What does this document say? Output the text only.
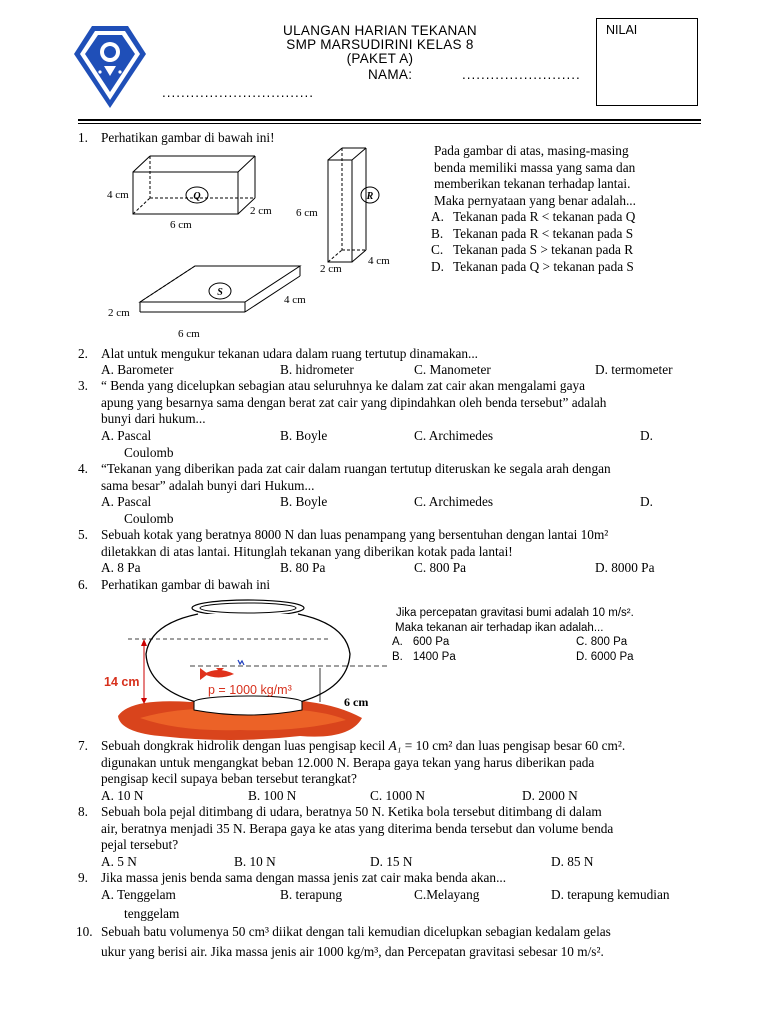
ULANGAN HARIAN TEKANAN
SMP MARSUDIRINI KELAS 8
(PAKET A)
NAMA:	.........................
................................
NILAI
1. Perhatikan gambar di bawah ini!
Q	R
S
4 cm
6 cm
2 cm 6 cm
2 cm
4 cm
2 cm
4 cm
6 cm
Pada gambar di atas, masing-masing
benda memiliki massa yang sama dan
memberikan tekanan terhadap lantai.
Maka pernyataan yang benar adalah...
A. Tekanan pada R < tekanan pada Q
B. Tekanan pada R < tekanan pada S
C. Tekanan pada S > tekanan pada R
D. Tekanan pada Q > tekanan pada S
2. Alat untuk mengukur tekanan udara dalam ruang tertutup dinamakan...
A. Barometer	B. hidrometer	C. Manometer	D. termometer
3. “ Benda yang dicelupkan sebagian atau seluruhnya ke dalam zat cair akan mengalami gaya
apung yang besarnya sama dengan berat zat cair yang dipindahkan oleh benda tersebut” adalah
bunyi dari hukum...
A. Pascal	B. Boyle	C. Archimedes	D.
Coulomb
4. “Tekanan yang diberikan pada zat cair dalam ruangan tertutup diteruskan ke segala arah dengan
sama besar” adalah bunyi dari Hukum...
A. Pascal	B. Boyle	C. Archimedes	D.
Coulomb
5. Sebuah kotak yang beratnya 8000 N dan luas penampang yang bersentuhan dengan lantai 10m²
diletakkan di atas lantai. Hitunglah tekanan yang diberikan kotak pada lantai!
A. 8 Pa	B. 80 Pa	C. 800 Pa	D. 8000 Pa
6. Perhatikan gambar di bawah ini
14 cm
p = 1000 kg/m³
6 cm
Jika percepatan gravitasi bumi adalah 10 m/s².
Maka tekanan air terhadap ikan adalah...
A. 600 Pa	C. 800 Pa
B. 1400 Pa	D. 6000 Pa
7. Sebuah dongkrak hidrolik dengan luas pengisap kecil A₁ = 10 cm² dan luas pengisap besar 60 cm².
digunakan untuk mengangkat beban 12.000 N. Berapa gaya tekan yang harus diberikan pada
pengisap kecil supaya beban tersebut terangkat?
A. 10 N	B. 100 N	C. 1000 N	D. 2000 N
8. Sebuah bola pejal ditimbang di udara, beratnya 50 N. Ketika bola tersebut ditimbang di dalam
air, beratnya menjadi 35 N. Berapa gaya ke atas yang diterima benda tersebut dan volume benda
pejal tersebut?
A. 5 N	B. 10 N	D. 15 N	D. 85 N
9. Jika massa jenis benda sama dengan massa jenis zat cair maka benda akan...
A. Tenggelam	B. terapung	C.Melayang	D. terapung kemudian
tenggelam
10. Sebuah batu volumenya 50 cm³ diikat dengan tali kemudian dicelupkan sebagian kedalam gelas
ukur yang berisi air. Jika massa jenis air 1000 kg/m³, dan Percepatan gravitasi sebesar 10 m/s².
